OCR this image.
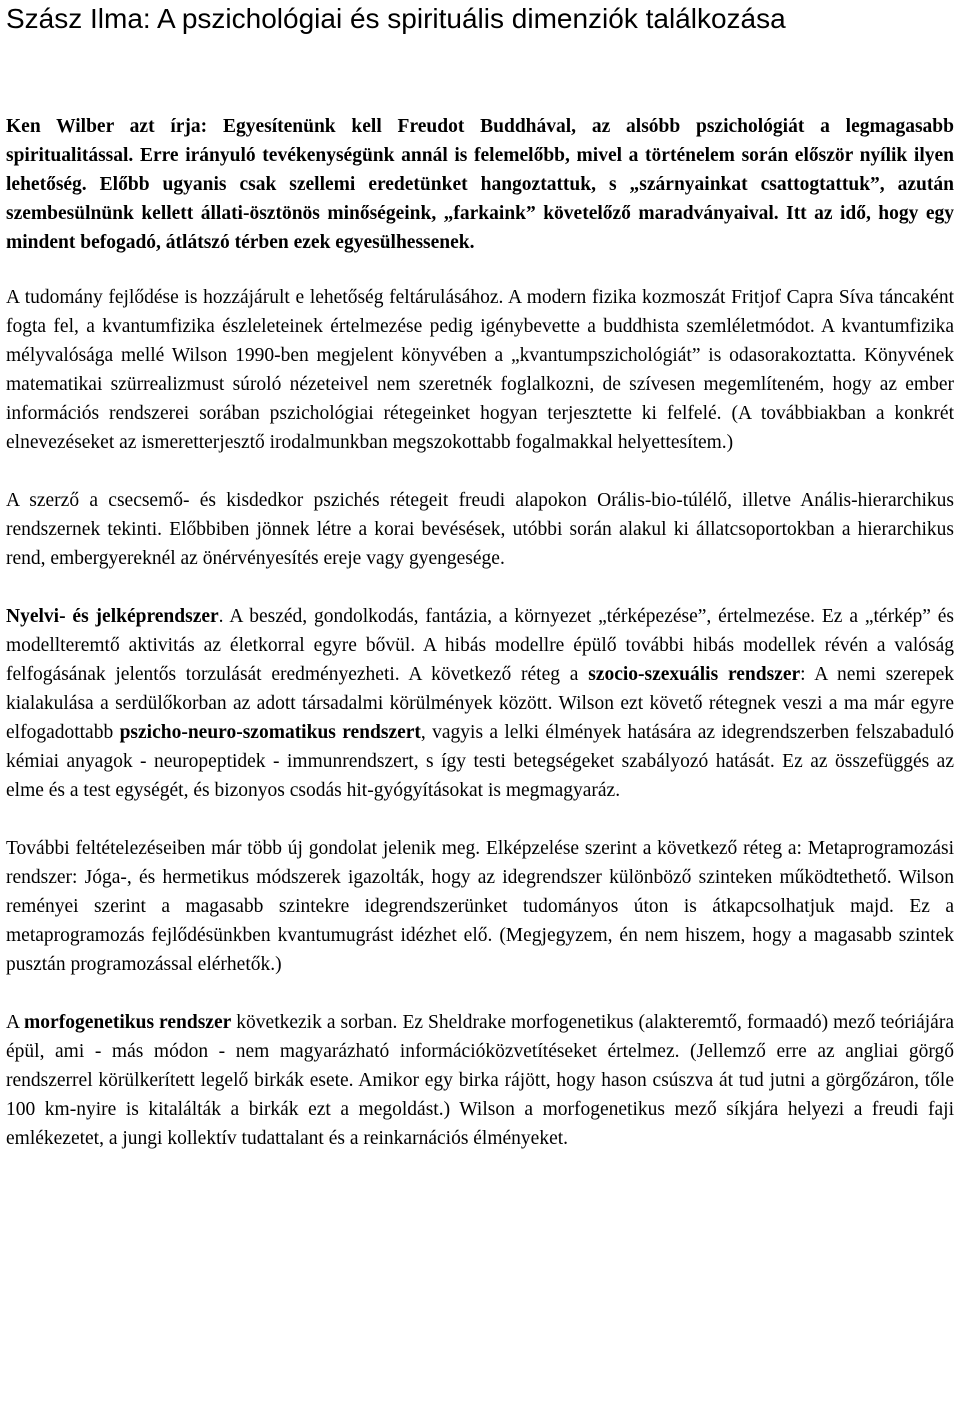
Szász Ilma: A pszichológiai és spirituális dimenziók találkozása

Ken Wilber azt írja: Egyesítenünk kell Freudot Buddhával, az alsóbb pszichológiát a legmagasabb spiritualitással. Erre irányuló tevékenységünk annál is felemelőbb, mivel a történelem során először nyílik ilyen lehetőség. Előbb ugyanis csak szellemi eredetünket hangoztattuk, s „szárnyainkat csattogtattuk”, azután szembesülnünk kellett állati-ösztönös minőségeink, „farkaink” követelőző maradványaival. Itt az idő, hogy egy mindent befogadó, átlátszó térben ezek egyesülhessenek.

A tudomány fejlődése is hozzájárult e lehetőség feltárulásához. A modern fizika kozmoszát Fritjof Capra Síva táncaként fogta fel, a kvantumfizika észleleteinek értelmezése pedig igénybevette a buddhista szemléletmódot. A kvantumfizika mélyvalósága mellé Wilson 1990-ben megjelent könyvében a „kvantumpszichológiát” is odasorakoztatta. Könyvének matematikai szürrealizmust súroló nézeteivel nem szeretnék foglalkozni, de szívesen megemlíteném, hogy az ember információs rendszerei sorában pszichológiai rétegeinket hogyan terjesztette ki felfelé. (A továbbiakban a konkrét elnevezéseket az ismeretterjesztő irodalmunkban megszokottabb fogalmakkal helyettesítem.)

A szerző a csecsemő- és kisdedkor pszichés rétegeit freudi alapokon Orális-bio-túlélő, illetve Anális-hierarchikus rendszernek tekinti. Előbbiben jönnek létre a korai bevésések, utóbbi során alakul ki állatcsoportokban a hierarchikus rend, embergyereknél az önérvényesítés ereje vagy gyengesége.

Nyelvi- és jelképrendszer. A beszéd, gondolkodás, fantázia, a környezet „térképezése”, értelmezése. Ez a „térkép” és modellteremtő aktivitás az életkorral egyre bővül. A hibás modellre épülő további hibás modellek révén a valóság felfogásának jelentős torzulását eredményezheti. A következő réteg a szocio-szexuális rendszer: A nemi szerepek kialakulása a serdülőkorban az adott társadalmi körülmények között. Wilson ezt követő rétegnek veszi a ma már egyre elfogadottabb pszicho-neuro-szomatikus rendszert, vagyis a lelki élmények hatására az idegrendszerben felszabaduló kémiai anyagok - neuropeptidek - immunrendszert, s így testi betegségeket szabályozó hatását. Ez az összefüggés az elme és a test egységét, és bizonyos csodás hit-gyógyításokat is megmagyaráz.

További feltételezéseiben már több új gondolat jelenik meg. Elképzelése szerint a következő réteg a: Metaprogramozási rendszer: Jóga-, és hermetikus módszerek igazolták, hogy az idegrendszer különböző szinteken működtethető. Wilson reményei szerint a magasabb szintekre idegrendszerünket tudományos úton is átkapcsolhatjuk majd. Ez a metaprogramozás fejlődésünkben kvantumugrást idézhet elő. (Megjegyzem, én nem hiszem, hogy a magasabb szintek pusztán programozással elérhetők.)

A morfogenetikus rendszer következik a sorban. Ez Sheldrake morfogenetikus (alakteremtő, formaadó) mező teóriájára épül, ami - más módon - nem magyarázható információközvetítéseket értelmez. (Jellemző erre az angliai görgő rendszerrel körülkerített legelő birkák esete. Amikor egy birka rájött, hogy hason csúszva át tud jutni a görgőzáron, tőle 100 km-nyire is kitalálták a birkák ezt a megoldást.) Wilson a morfogenetikus mező síkjára helyezi a freudi faji emlékezetet, a jungi kollektív tudattalant és a reinkarnációs élményeket.
